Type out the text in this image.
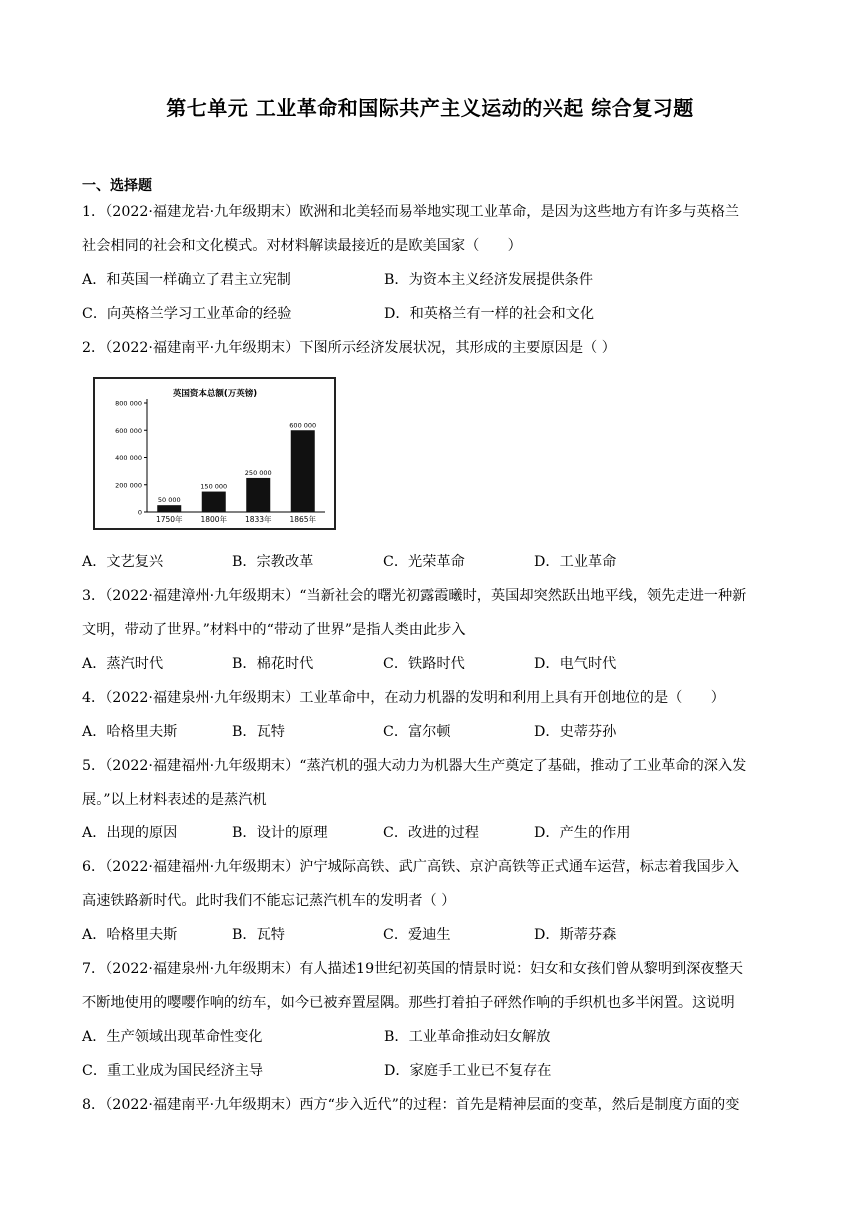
第七单元 工业革命和国际共产主义运动的兴起 综合复习题
一、选择题
1．（2022·福建龙岩·九年级期末）欧洲和北美轻而易举地实现工业革命，是因为这些地方有许多与英格兰
社会相同的社会和文化模式。对材料解读最接近的是欧美国家（　　）
A．和英国一样确立了君主立宪制	B．为资本主义经济发展提供条件
C．向英格兰学习工业革命的经验	D．和英格兰有一样的社会和文化
2．（2022·福建南平·九年级期末）下图所示经济发展状况，其形成的主要原因是（ ）
英国资本总额(万英镑)
0
200 000
400 000
600 000
800 000
50 000
1750年
150 000
1800年
250 000
1833年
600 000
1865年
A．文艺复兴	B．宗教改革	C．光荣革命	D．工业革命
3．（2022·福建漳州·九年级期末）“当新社会的曙光初露霞曦时，英国却突然跃出地平线，领先走进一种新
文明，带动了世界。”材料中的“带动了世界”是指人类由此步入
A．蒸汽时代	B．棉花时代	C．铁路时代	D．电气时代
4．（2022·福建泉州·九年级期末）工业革命中，在动力机器的发明和利用上具有开创地位的是（　　）
A．哈格里夫斯	B．瓦特	C．富尔顿	D．史蒂芬孙
5．（2022·福建福州·九年级期末）“蒸汽机的强大动力为机器大生产奠定了基础，推动了工业革命的深入发
展。”以上材料表述的是蒸汽机
A．出现的原因	B．设计的原理	C．改进的过程	D．产生的作用
6．（2022·福建福州·九年级期末）沪宁城际高铁、武广高铁、京沪高铁等正式通车运营，标志着我国步入
高速铁路新时代。此时我们不能忘记蒸汽机车的发明者（ ）
A．哈格里夫斯	B．瓦特	C．爱迪生	D．斯蒂芬森
7．（2022·福建泉州·九年级期末）有人描述19世纪初英国的情景时说：妇女和女孩们曾从黎明到深夜整天
不断地使用的嘤嘤作响的纺车，如今已被弃置屋隅。那些打着拍子砰然作响的手织机也多半闲置。这说明
A．生产领域出现革命性变化	B．工业革命推动妇女解放
C．重工业成为国民经济主导	D．家庭手工业已不复存在
8．（2022·福建南平·九年级期末）西方“步入近代”的过程：首先是精神层面的变革，然后是制度方面的变
